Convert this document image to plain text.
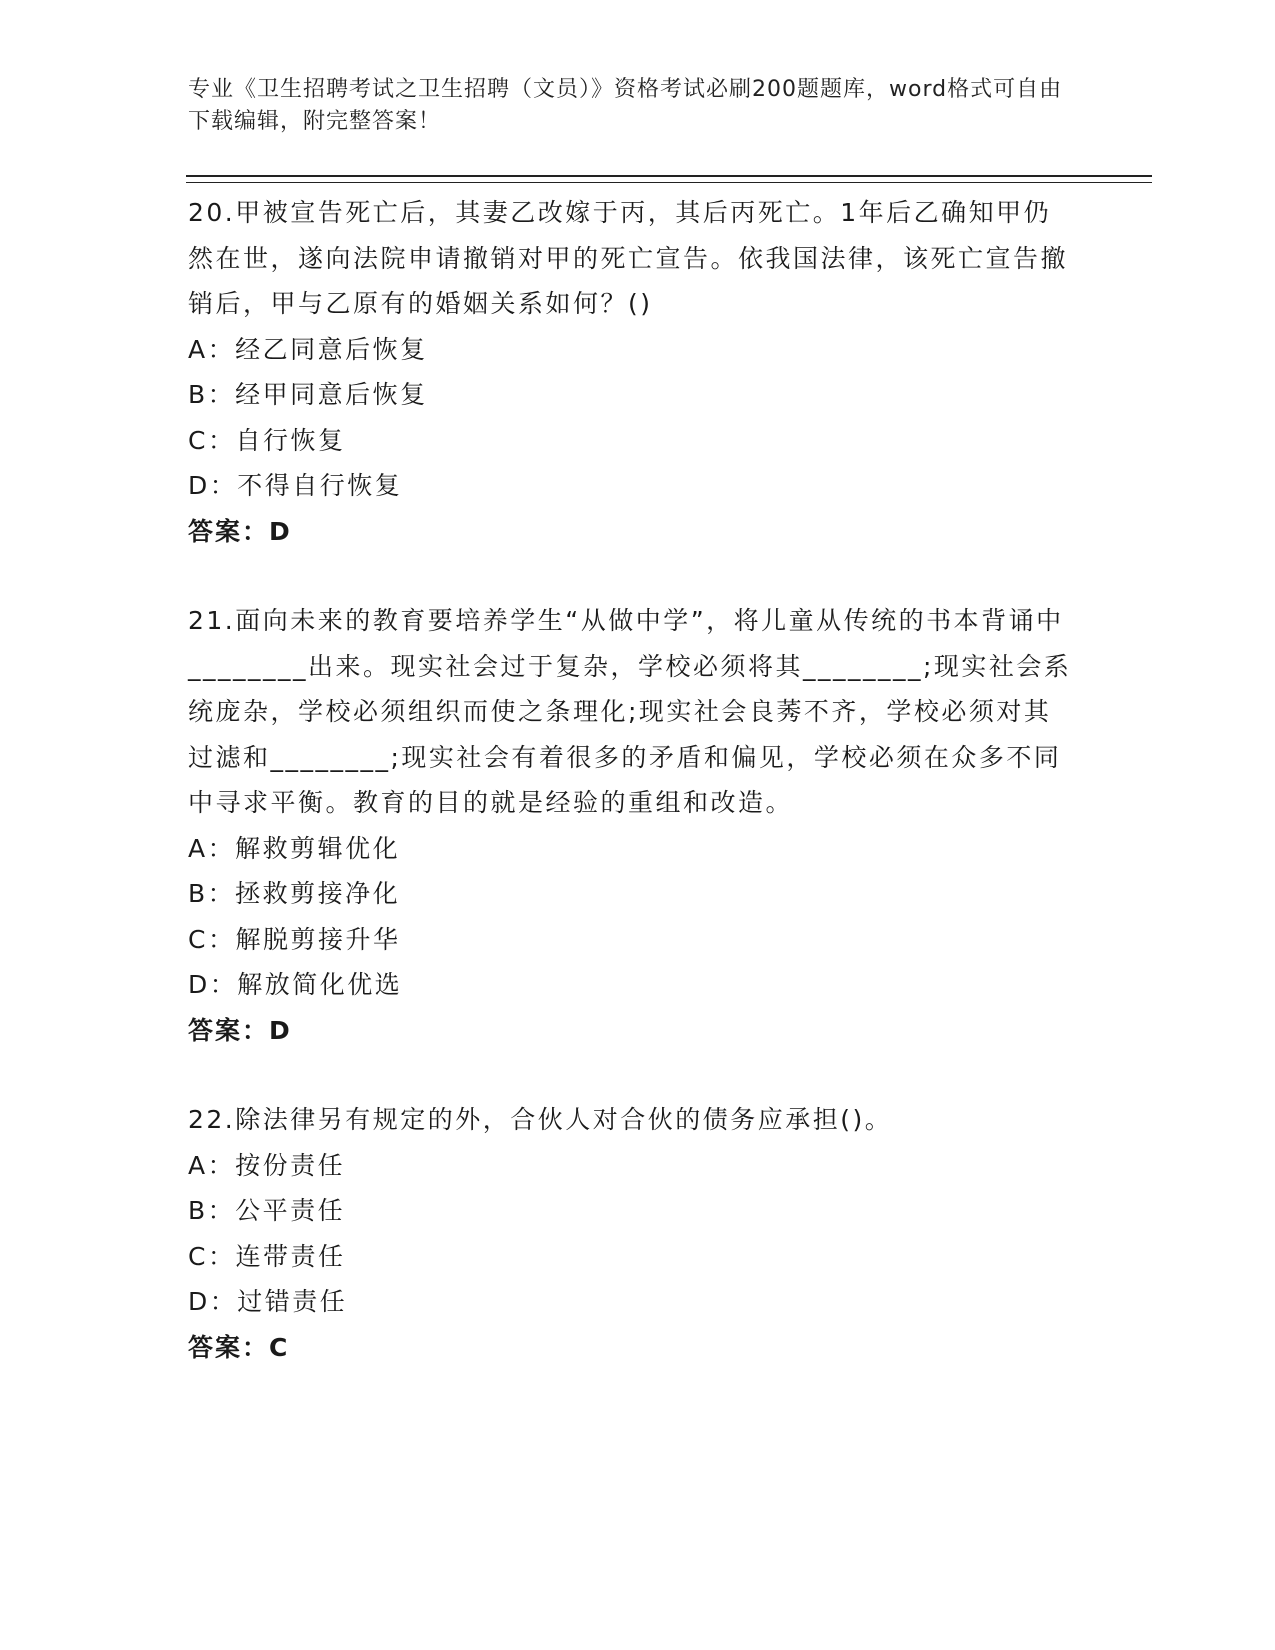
专业《卫生招聘考试之卫生招聘（文员）》资格考试必刷200题题库，word格式可自由下载编辑，附完整答案！
20.甲被宣告死亡后，其妻乙改嫁于丙，其后丙死亡。1年后乙确知甲仍然在世，遂向法院申请撤销对甲的死亡宣告。依我国法律，该死亡宣告撤销后，甲与乙原有的婚姻关系如何？()
A：经乙同意后恢复
B：经甲同意后恢复
C：自行恢复
D：不得自行恢复
答案：D
21.面向未来的教育要培养学生“从做中学”，将儿童从传统的书本背诵中________出来。现实社会过于复杂，学校必须将其________;现实社会系统庞杂，学校必须组织而使之条理化;现实社会良莠不齐，学校必须对其过滤和________;现实社会有着很多的矛盾和偏见，学校必须在众多不同中寻求平衡。教育的目的就是经验的重组和改造。
A：解救剪辑优化
B：拯救剪接净化
C：解脱剪接升华
D：解放简化优选
答案：D
22.除法律另有规定的外，合伙人对合伙的债务应承担()。
A：按份责任
B：公平责任
C：连带责任
D：过错责任
答案：C
